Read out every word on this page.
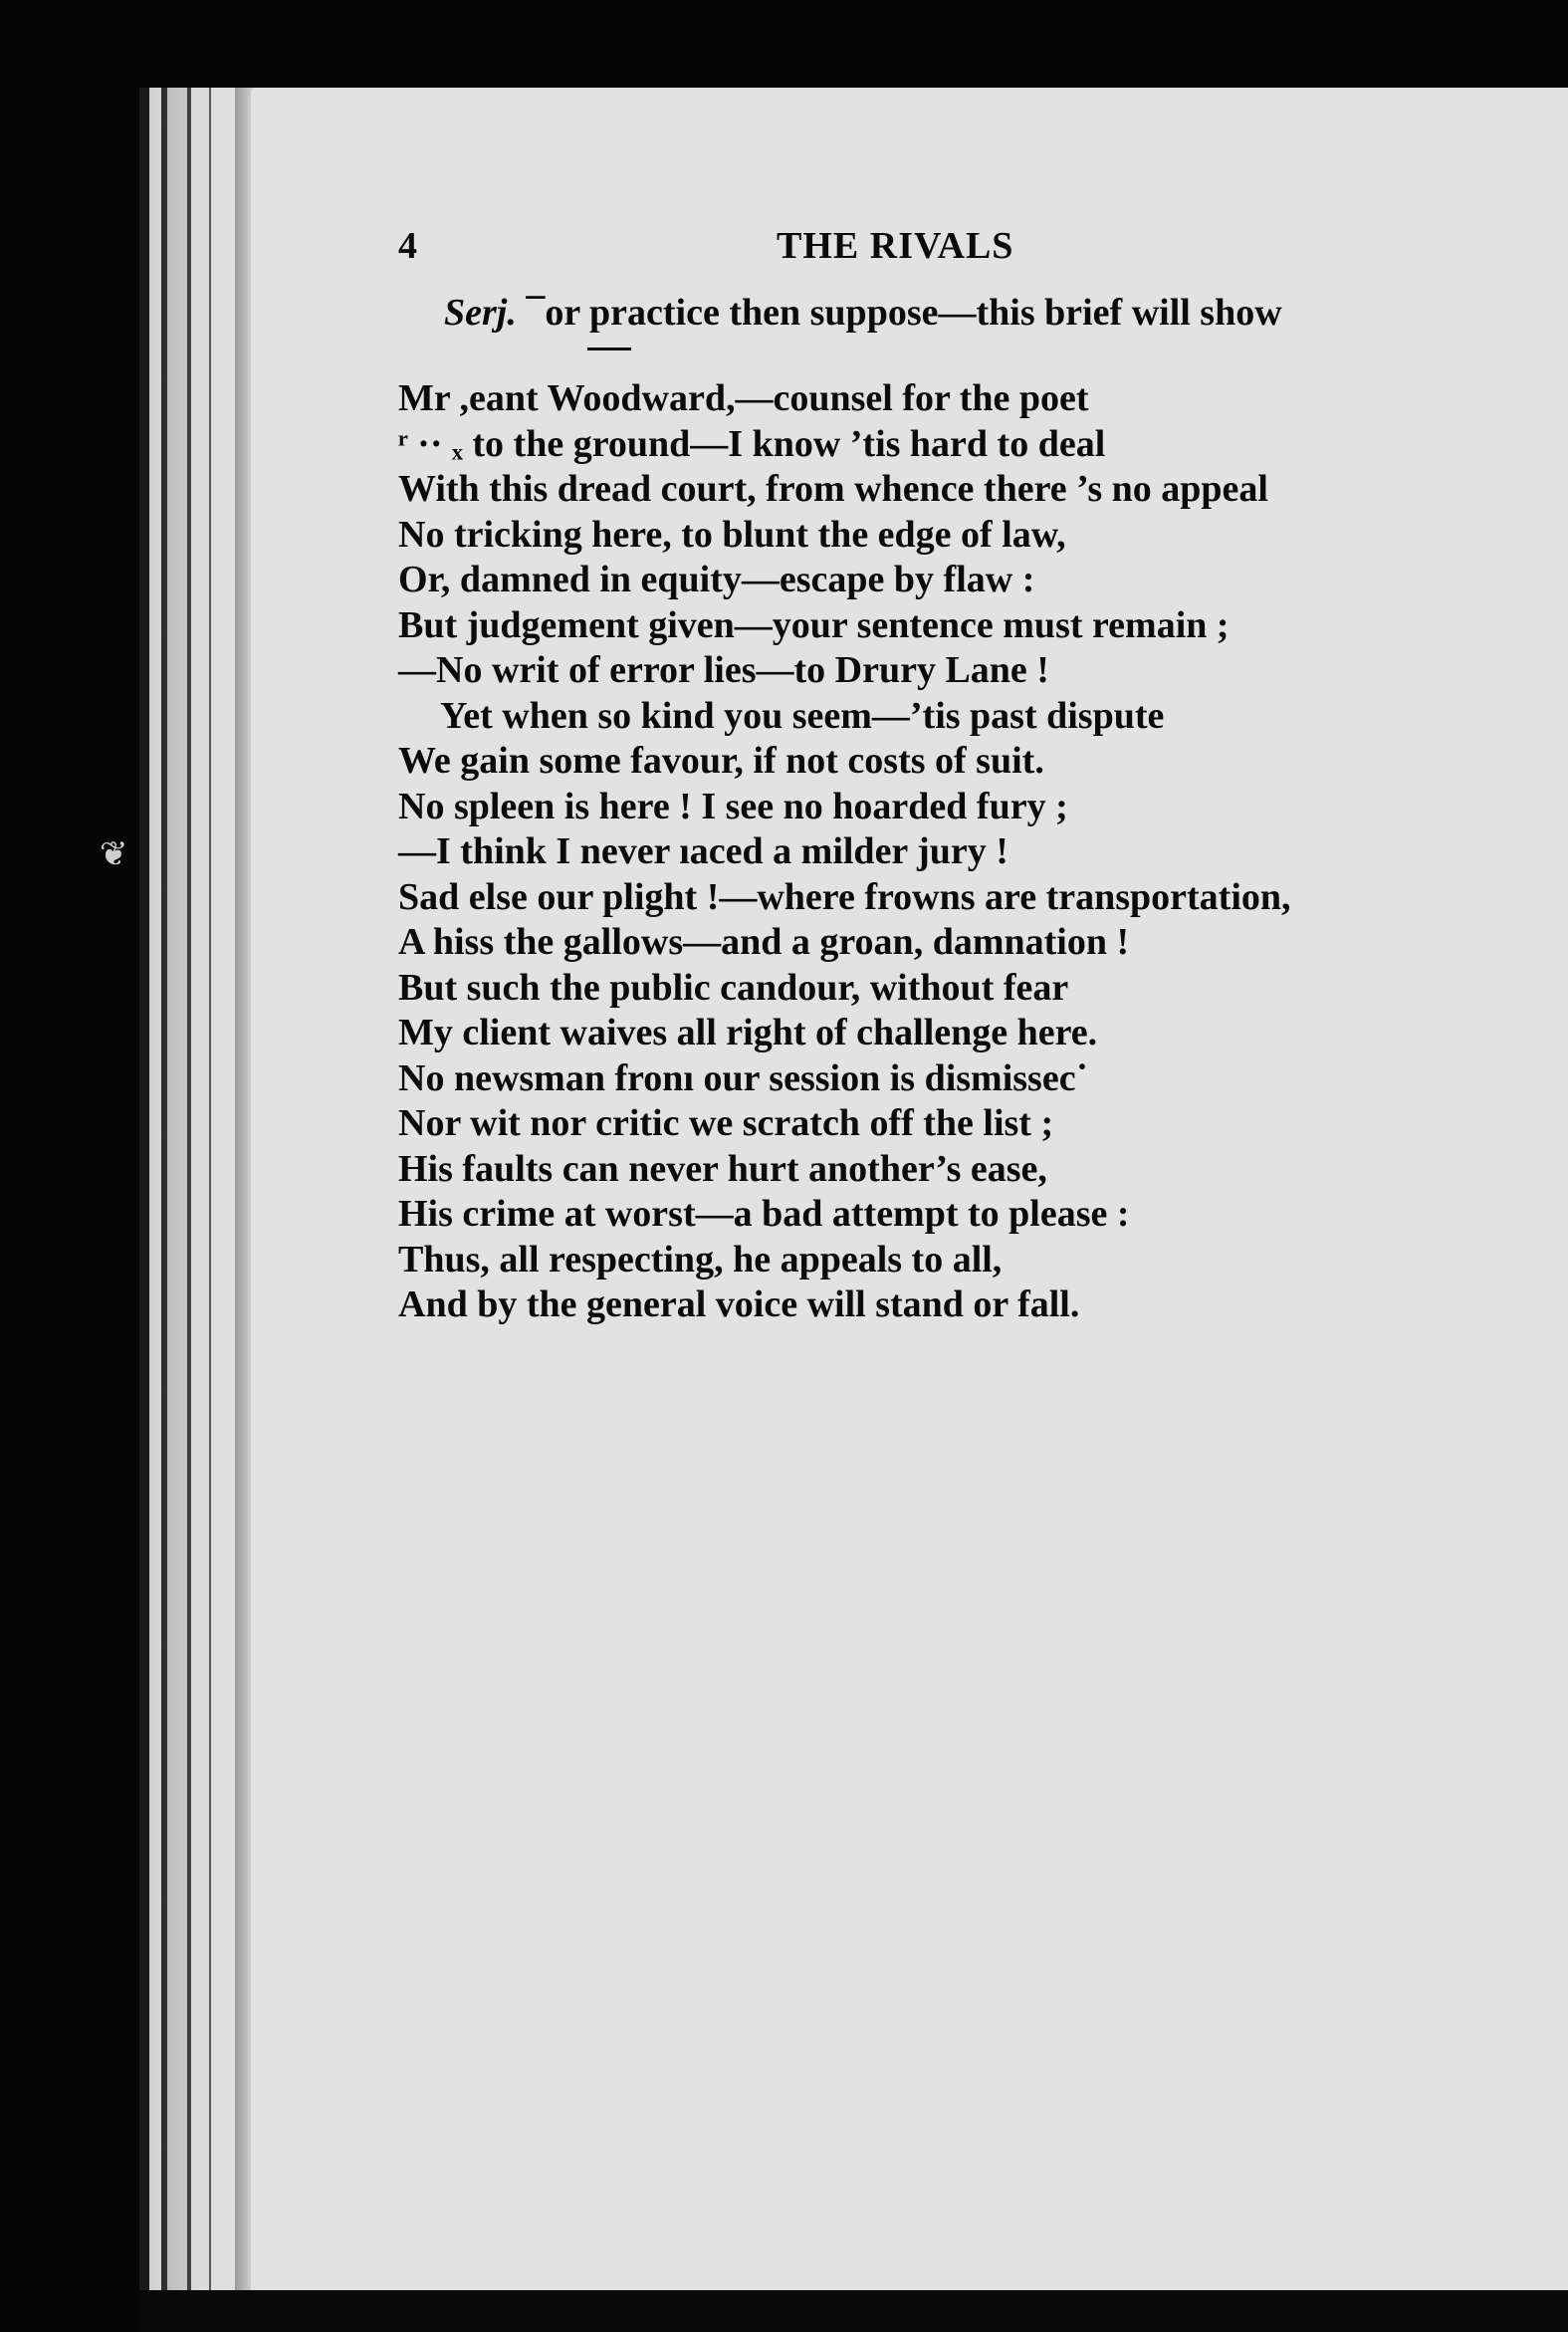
❦
4	THE RIVALS
Serj. ¯or practice then suppose—this brief will show
Mr ,eant Woodward,—counsel for the poet
ʳ ·· ₓ to the ground—I know ’tis hard to deal
With this dread court, from whence there ’s no appeal
No tricking here, to blunt the edge of law,
Or, damned in equity—escape by flaw :
But judgement given—your sentence must remain ;
—No writ of error lies—to Drury Lane !
Yet when so kind you seem—’tis past dispute
We gain some favour, if not costs of suit.
No spleen is here ! I see no hoarded fury ;
—I think I never ıaced a milder jury !
Sad else our plight !—where frowns are transportation,
A hiss the gallows—and a groan, damnation !
But such the public candour, without fear
My client waives all right of challenge here.
No newsman fronı our session is dismissec˙
Nor wit nor critic we scratch off the list ;
His faults can never hurt another’s ease,
His crime at worst—a bad attempt to please :
Thus, all respecting, he appeals to all,
And by the general voice will stand or fall.
